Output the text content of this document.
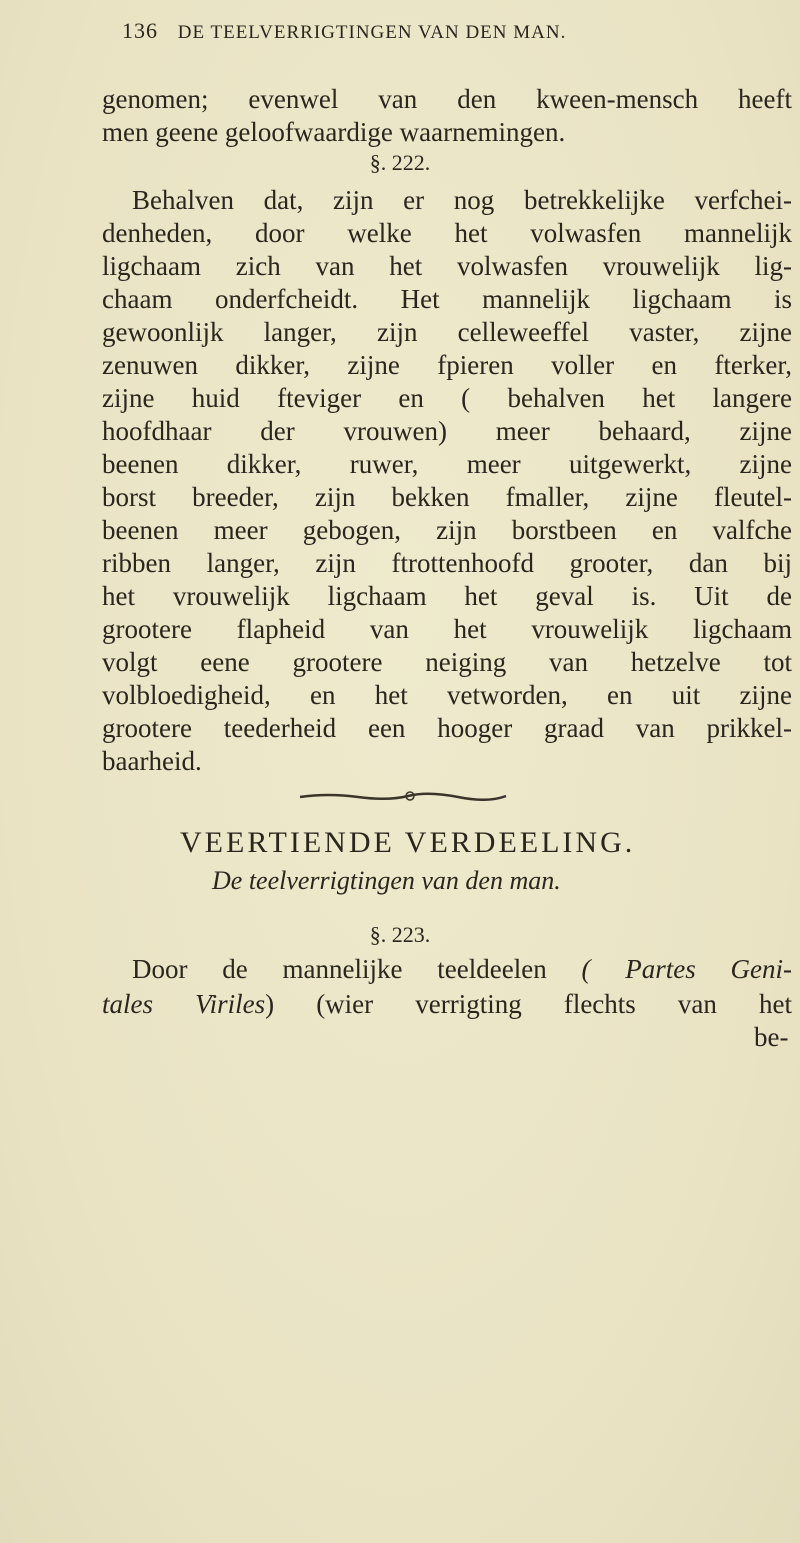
136 DE TEELVERRIGTINGEN VAN DEN MAN.
genomen; evenwel van den kween-mensch heeft
men geene geloofwaardige waarnemingen.
§. 222.
Behalven dat, zijn er nog betrekkelijke verfchei-
denheden, door welke het volwasfen mannelijk
ligchaam zich van het volwasfen vrouwelijk lig-
chaam onderfcheidt. Het mannelijk ligchaam is
gewoonlijk langer, zijn celleweeffel vaster, zijne
zenuwen dikker, zijne fpieren voller en fterker,
zijne huid fteviger en ( behalven het langere
hoofdhaar der vrouwen) meer behaard, zijne
beenen dikker, ruwer, meer uitgewerkt, zijne
borst breeder, zijn bekken fmaller, zijne fleutel-
beenen meer gebogen, zijn borstbeen en valfche
ribben langer, zijn ftrottenhoofd grooter, dan bij
het vrouwelijk ligchaam het geval is. Uit de
grootere flapheid van het vrouwelijk ligchaam
volgt eene grootere neiging van hetzelve tot
volbloedigheid, en het vetworden, en uit zijne
grootere teederheid een hooger graad van prikkel-
baarheid.
VEERTIENDE VERDEELING.
De teelverrigtingen van den man.
§. 223.
Door de mannelijke teeldeelen ( Partes Geni-
tales Viriles) (wier verrigting flechts van het
be-
